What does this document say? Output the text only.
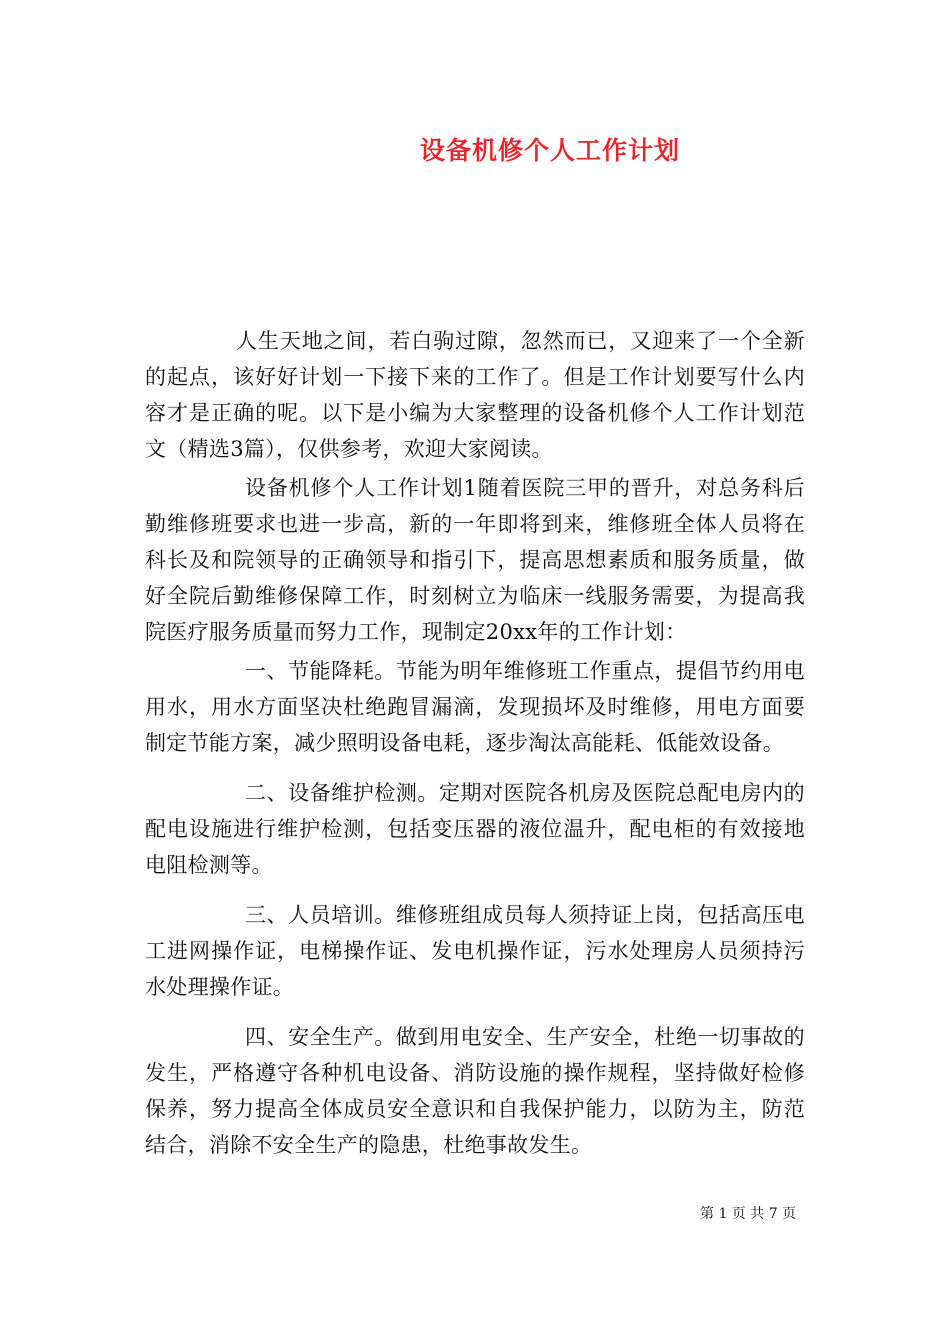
设备机修个人工作计划

人生天地之间，若白驹过隙，忽然而已，又迎来了一个全新的起点，该好好计划一下接下来的工作了。但是工作计划要写什么内容才是正确的呢。以下是小编为大家整理的设备机修个人工作计划范文（精选3篇），仅供参考，欢迎大家阅读。

设备机修个人工作计划1随着医院三甲的晋升，对总务科后勤维修班要求也进一步高，新的一年即将到来，维修班全体人员将在科长及和院领导的正确领导和指引下，提高思想素质和服务质量，做好全院后勤维修保障工作，时刻树立为临床一线服务需要，为提高我院医疗服务质量而努力工作，现制定20xx年的工作计划：

一、节能降耗。节能为明年维修班工作重点，提倡节约用电用水，用水方面坚决杜绝跑冒漏滴，发现损坏及时维修，用电方面要制定节能方案，减少照明设备电耗，逐步淘汰高能耗、低能效设备。

二、设备维护检测。定期对医院各机房及医院总配电房内的配电设施进行维护检测，包括变压器的液位温升，配电柜的有效接地电阻检测等。

三、人员培训。维修班组成员每人须持证上岗，包括高压电工进网操作证，电梯操作证、发电机操作证，污水处理房人员须持污水处理操作证。

四、安全生产。做到用电安全、生产安全，杜绝一切事故的发生，严格遵守各种机电设备、消防设施的操作规程，坚持做好检修保养，努力提高全体成员安全意识和自我保护能力，以防为主，防范结合，消除不安全生产的隐患，杜绝事故发生。

第 1 页 共 7 页
